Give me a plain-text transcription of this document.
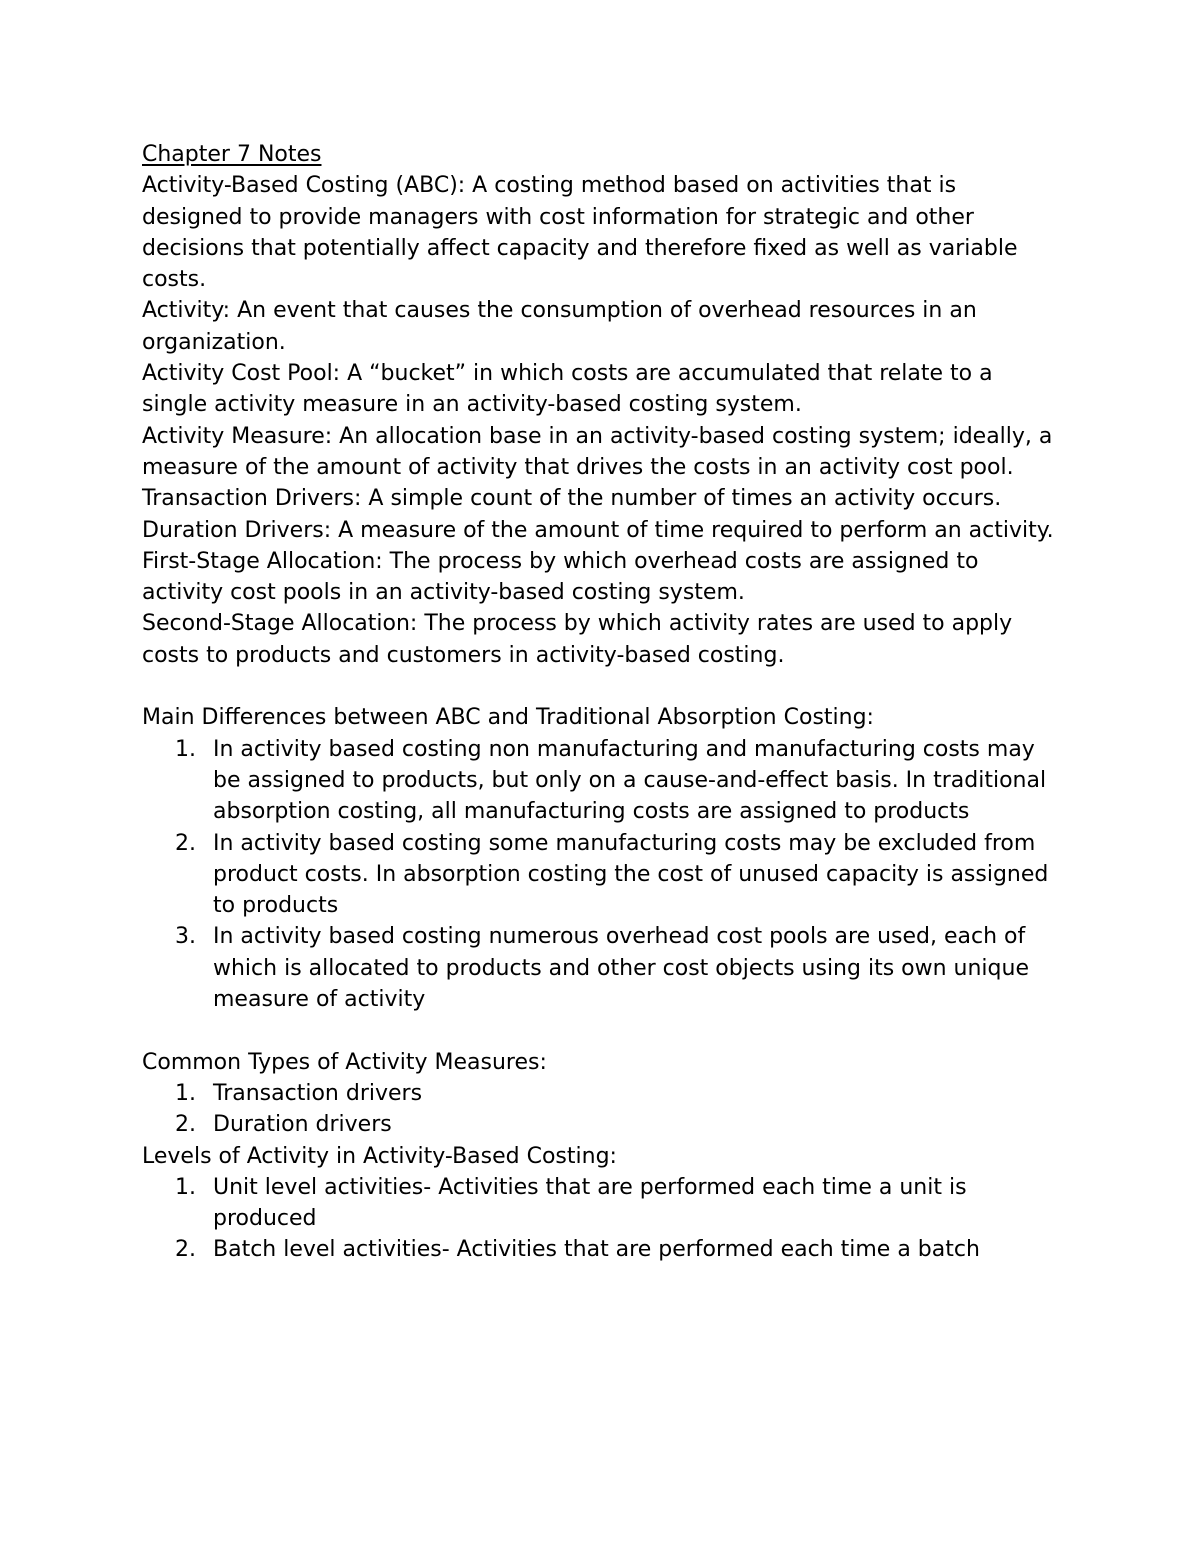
Chapter 7 Notes

Activity-Based Costing (ABC): A costing method based on activities that is designed to provide managers with cost information for strategic and other decisions that potentially affect capacity and therefore fixed as well as variable costs.

Activity: An event that causes the consumption of overhead resources in an organization.

Activity Cost Pool: A “bucket” in which costs are accumulated that relate to a single activity measure in an activity-based costing system.

Activity Measure: An allocation base in an activity-based costing system; ideally, a measure of the amount of activity that drives the costs in an activity cost pool.

Transaction Drivers: A simple count of the number of times an activity occurs.

Duration Drivers: A measure of the amount of time required to perform an activity.

First-Stage Allocation: The process by which overhead costs are assigned to activity cost pools in an activity-based costing system.

Second-Stage Allocation: The process by which activity rates are used to apply costs to products and customers in activity-based costing.

Main Differences between ABC and Traditional Absorption Costing:

1. In activity based costing non manufacturing and manufacturing costs may be assigned to products, but only on a cause-and-effect basis. In traditional absorption costing, all manufacturing costs are assigned to products
2. In activity based costing some manufacturing costs may be excluded from product costs. In absorption costing the cost of unused capacity is assigned to products
3. In activity based costing numerous overhead cost pools are used, each of which is allocated to products and other cost objects using its own unique measure of activity

Common Types of Activity Measures:

1. Transaction drivers
2. Duration drivers

Levels of Activity in Activity-Based Costing:

1. Unit level activities- Activities that are performed each time a unit is produced
2. Batch level activities- Activities that are performed each time a batch
